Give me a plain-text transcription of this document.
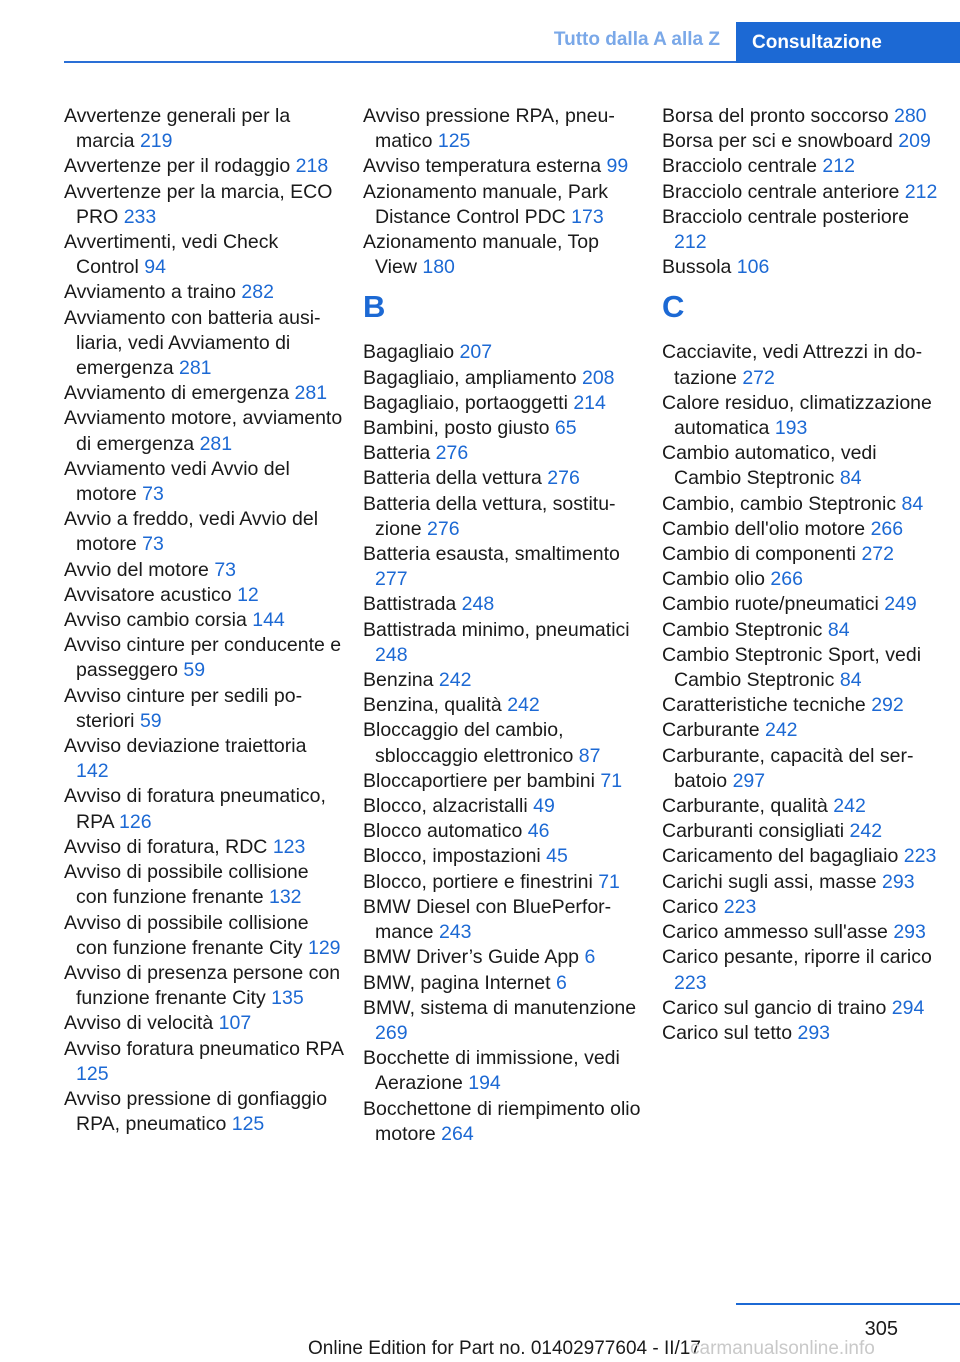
Tutto dalla A alla Z	Consultazione
Avvertenze generali per la marcia 219
Avvertenze per il rodaggio 218
Avvertenze per la marcia, ECO PRO 233
Avvertimenti, vedi Check Control 94
Avviamento a traino 282
Avviamento con batteria ausiliaria, vedi Avviamento di emergenza 281
Avviamento di emergenza 281
Avviamento motore, avviamento di emergenza 281
Avviamento vedi Avvio del motore 73
Avvio a freddo, vedi Avvio del motore 73
Avvio del motore 73
Avvisatore acustico 12
Avviso cambio corsia 144
Avviso cinture per conducente e passeggero 59
Avviso cinture per sedili posteriori 59
Avviso deviazione traiettoria 142
Avviso di foratura pneumatico, RPA 126
Avviso di foratura, RDC 123
Avviso di possibile collisione con funzione frenante 132
Avviso di possibile collisione con funzione frenante City 129
Avviso di presenza persone con funzione frenante City 135
Avviso di velocità 107
Avviso foratura pneumatico RPA 125
Avviso pressione di gonfiaggio RPA, pneumatico 125
Avviso pressione RPA, pneumatico 125
Avviso temperatura esterna 99
Azionamento manuale, Park Distance Control PDC 173
Azionamento manuale, Top View 180
B
Bagagliaio 207
Bagagliaio, ampliamento 208
Bagagliaio, portaoggetti 214
Bambini, posto giusto 65
Batteria 276
Batteria della vettura 276
Batteria della vettura, sostituzione 276
Batteria esausta, smaltimento 277
Battistrada 248
Battistrada minimo, pneumatici 248
Benzina 242
Benzina, qualità 242
Bloccaggio del cambio, sbloccaggio elettronico 87
Bloccaportiere per bambini 71
Blocco, alzacristalli 49
Blocco automatico 46
Blocco, impostazioni 45
Blocco, portiere e finestrini 71
BMW Diesel con BluePerformance 243
BMW Driver’s Guide App 6
BMW, pagina Internet 6
BMW, sistema di manutenzione 269
Bocchette di immissione, vedi Aerazione 194
Bocchettone di riempimento olio motore 264
Borsa del pronto soccorso 280
Borsa per sci e snowboard 209
Bracciolo centrale 212
Bracciolo centrale anteriore 212
Bracciolo centrale posteriore 212
Bussola 106
C
Cacciavite, vedi Attrezzi in dotazione 272
Calore residuo, climatizzazione automatica 193
Cambio automatico, vedi Cambio Steptronic 84
Cambio, cambio Steptronic 84
Cambio dell'olio motore 266
Cambio di componenti 272
Cambio olio 266
Cambio ruote/pneumatici 249
Cambio Steptronic 84
Cambio Steptronic Sport, vedi Cambio Steptronic 84
Caratteristiche tecniche 292
Carburante 242
Carburante, capacità del serbatoio 297
Carburante, qualità 242
Carburanti consigliati 242
Caricamento del bagagliaio 223
Carichi sugli assi, masse 293
Carico 223
Carico ammesso sull'asse 293
Carico pesante, riporre il carico 223
Carico sul gancio di traino 294
Carico sul tetto 293
305
Online Edition for Part no. 01402977604 - II/17
carmanualsonline.info
